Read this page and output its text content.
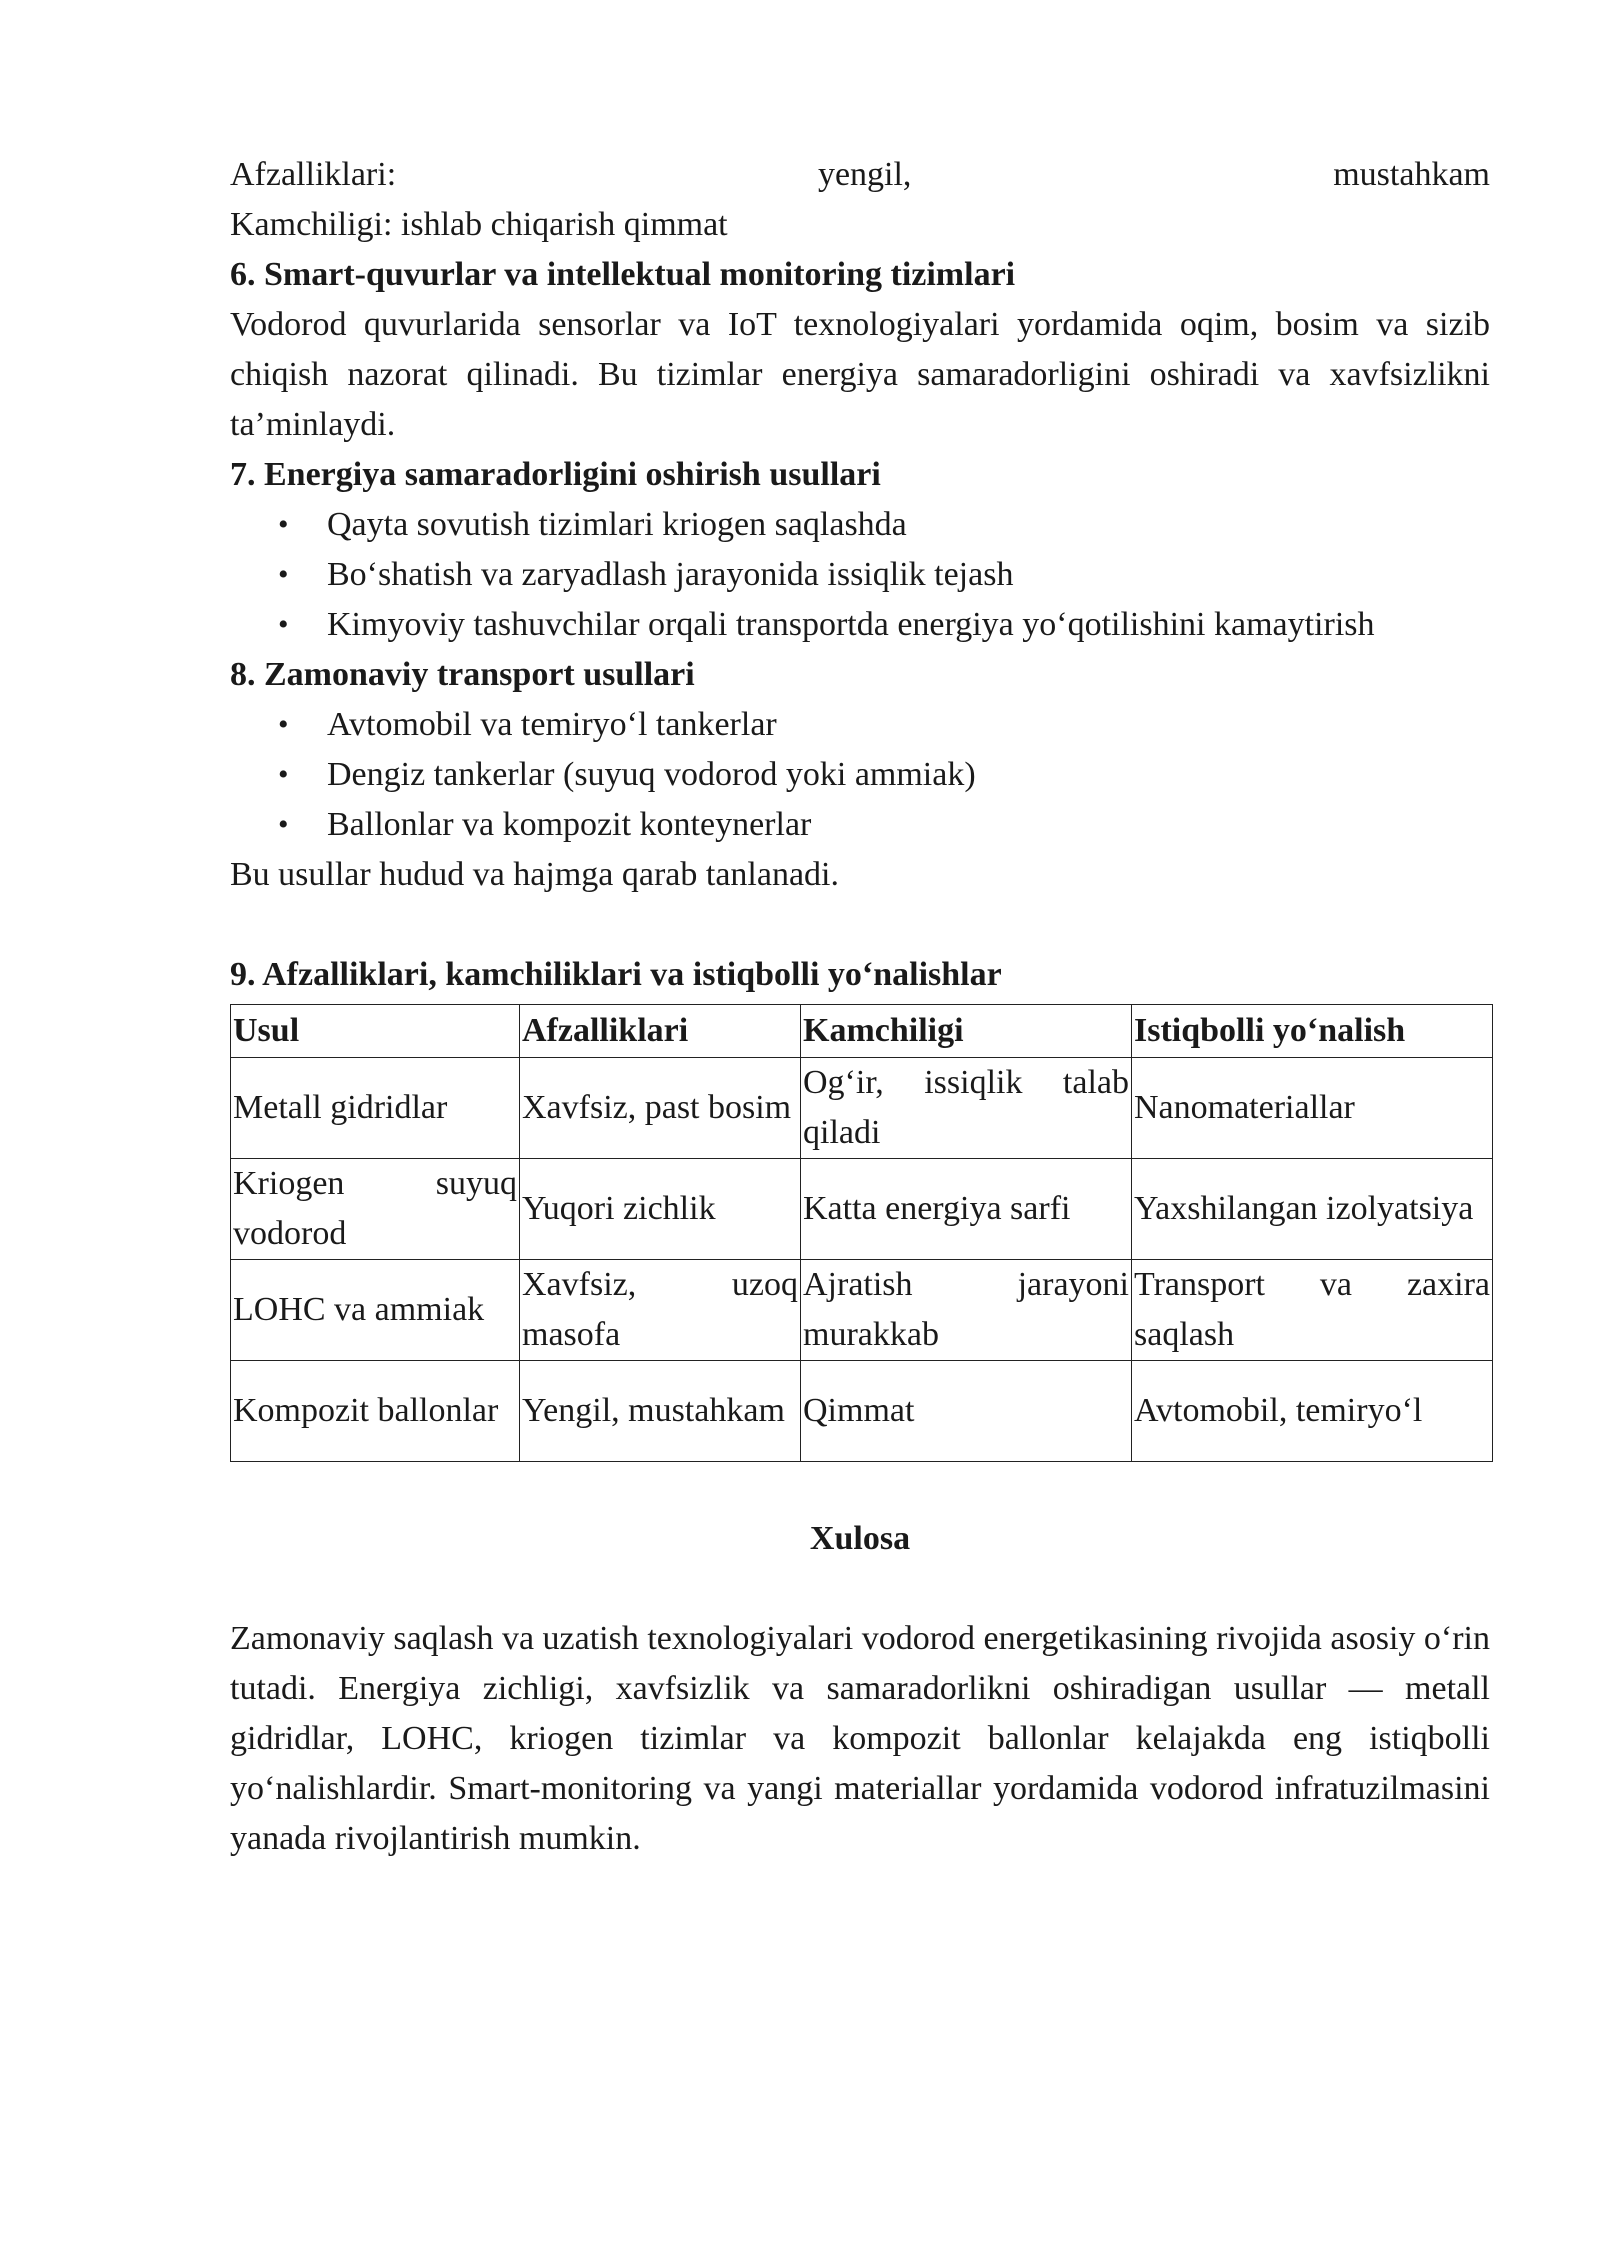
Afzalliklari:	yengil,	mustahkam

Kamchiligi: ishlab chiqarish qimmat

6. Smart-quvurlar va intellektual monitoring tizimlari

Vodorod quvurlarida sensorlar va IoT texnologiyalari yordamida oqim, bosim va sizib chiqish nazorat qilinadi. Bu tizimlar energiya samaradorligini oshiradi va xavfsizlikni ta’minlaydi.

7. Energiya samaradorligini oshirish usullari
• Qayta sovutish tizimlari kriogen saqlashda
• Bo‘shatish va zaryadlash jarayonida issiqlik tejash
• Kimyoviy tashuvchilar orqali transportda energiya yo‘qotilishini kamaytirish
8. Zamonaviy transport usullari
• Avtomobil va temiryo‘l tankerlar
• Dengiz tankerlar (suyuq vodorod yoki ammiak)
• Ballonlar va kompozit konteynerlar

Bu usullar hudud va hajmga qarab tanlanadi.

9. Afzalliklari, kamchiliklari va istiqbolli yo‘nalishlar
Usul	Afzalliklari	Kamchiligi	Istiqbolli yo‘nalish
Metall gidridlar	Xavfsiz, past bosim	Og‘ir, issiqlik talab qiladi	Nanomateriallar
Kriogen suyuq vodorod	Yuqori zichlik	Katta energiya sarfi	Yaxshilangan izolyatsiya
LOHC va ammiak	Xavfsiz, uzoq masofa	Ajratish jarayoni murakkab	Transport va zaxira saqlash
Kompozit ballonlar	Yengil, mustahkam	Qimmat	Avtomobil, temiryo‘l

Xulosa

Zamonaviy saqlash va uzatish texnologiyalari vodorod energetikasining rivojida asosiy o‘rin tutadi. Energiya zichligi, xavfsizlik va samaradorlikni oshiradigan usullar — metall gidridlar, LOHC, kriogen tizimlar va kompozit ballonlar kelajakda eng istiqbolli yo‘nalishlardir. Smart-monitoring va yangi materiallar yordamida vodorod infratuzilmasini yanada rivojlantirish mumkin.
